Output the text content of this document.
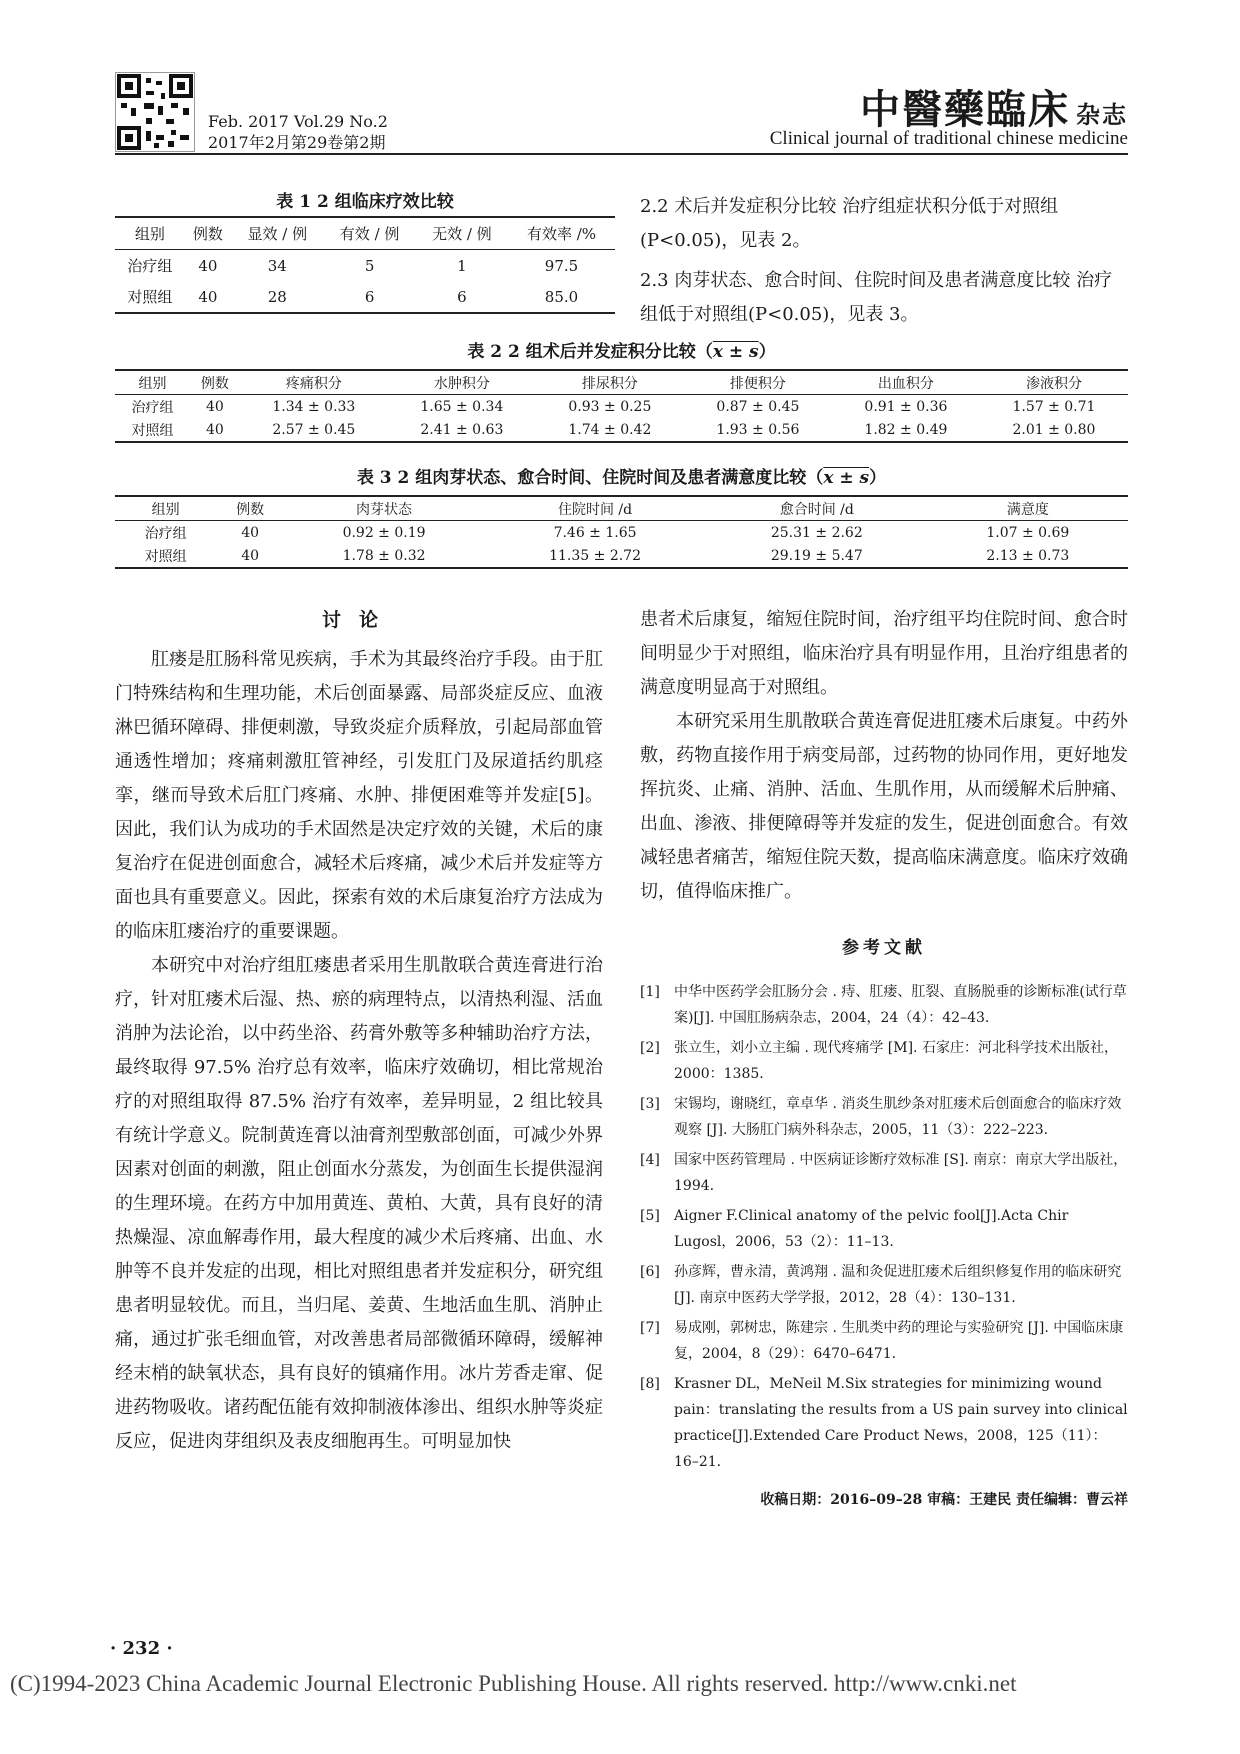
Feb. 2017 Vol.29 No.2
2017年2月第29卷第2期
中醫藥臨床 杂志
Clinical journal of traditional chinese medicine
表 1 2 组临床疗效比较
组别	例数	显效 / 例	有效 / 例	无效 / 例	有效率 /%
治疗组	40	34	5	1	97.5
对照组	40	28	6	6	85.0

2.2 术后并发症积分比较 治疗组症状积分低于对照组(P<0.05)，见表 2。

2.3 肉芽状态、愈合时间、住院时间及患者满意度比较 治疗组低于对照组(P<0.05)，见表 3。

表 2 2 组术后并发症积分比较（x ± s）
组别	例数	疼痛积分	水肿积分	排尿积分	排便积分	出血积分	渗液积分
治疗组	40	1.34 ± 0.33	1.65 ± 0.34	0.93 ± 0.25	0.87 ± 0.45	0.91 ± 0.36	1.57 ± 0.71
对照组	40	2.57 ± 0.45	2.41 ± 0.63	1.74 ± 0.42	1.93 ± 0.56	1.82 ± 0.49	2.01 ± 0.80
表 3 2 组肉芽状态、愈合时间、住院时间及患者满意度比较（x ± s）
组别	例数	肉芽状态	住院时间 /d	愈合时间 /d	满意度
治疗组	40	0.92 ± 0.19	7.46 ± 1.65	25.31 ± 2.62	1.07 ± 0.69
对照组	40	1.78 ± 0.32	11.35 ± 2.72	29.19 ± 5.47	2.13 ± 0.73
讨论

肛瘘是肛肠科常见疾病，手术为其最终治疗手段。由于肛门特殊结构和生理功能，术后创面暴露、局部炎症反应、血液淋巴循环障碍、排便刺激，导致炎症介质释放，引起局部血管通透性增加；疼痛刺激肛管神经，引发肛门及尿道括约肌痉挛，继而导致术后肛门疼痛、水肿、排便困难等并发症[5]。因此，我们认为成功的手术固然是决定疗效的关键，术后的康复治疗在促进创面愈合，减轻术后疼痛，减少术后并发症等方面也具有重要意义。因此，探索有效的术后康复治疗方法成为的临床肛瘘治疗的重要课题。

本研究中对治疗组肛瘘患者采用生肌散联合黄连膏进行治疗，针对肛瘘术后湿、热、瘀的病理特点，以清热利湿、活血消肿为法论治，以中药坐浴、药膏外敷等多种辅助治疗方法，最终取得 97.5% 治疗总有效率，临床疗效确切，相比常规治疗的对照组取得 87.5% 治疗有效率，差异明显，2 组比较具有统计学意义。院制黄连膏以油膏剂型敷部创面，可减少外界因素对创面的刺激，阻止创面水分蒸发，为创面生长提供湿润的生理环境。在药方中加用黄连、黄柏、大黄，具有良好的清热燥湿、凉血解毒作用，最大程度的减少术后疼痛、出血、水肿等不良并发症的出现，相比对照组患者并发症积分，研究组患者明显较优。而且，当归尾、姜黄、生地活血生肌、消肿止痛，通过扩张毛细血管，对改善患者局部微循环障碍，缓解神经末梢的缺氧状态，具有良好的镇痛作用。冰片芳香走窜、促进药物吸收。诸药配伍能有效抑制液体渗出、组织水肿等炎症反应，促进肉芽组织及表皮细胞再生。可明显加快

患者术后康复，缩短住院时间，治疗组平均住院时间、愈合时间明显少于对照组，临床治疗具有明显作用，且治疗组患者的满意度明显高于对照组。

本研究采用生肌散联合黄连膏促进肛瘘术后康复。中药外敷，药物直接作用于病变局部，过药物的协同作用，更好地发挥抗炎、止痛、消肿、活血、生肌作用，从而缓解术后肿痛、出血、渗液、排便障碍等并发症的发生，促进创面愈合。有效减轻患者痛苦，缩短住院天数，提高临床满意度。临床疗效确切，值得临床推广。

参考文献
[1]	中华中医药学会肛肠分会 . 痔、肛瘘、肛裂、直肠脱垂的诊断标准(试行草案)[J]. 中国肛肠病杂志，2004，24（4）：42–43.
[2]	张立生，刘小立主编 . 现代疼痛学 [M]. 石家庄：河北科学技术出版社，2000：1385.
[3]	宋锡均，谢晓红，章卓华 . 消炎生肌纱条对肛瘘术后创面愈合的临床疗效观察 [J]. 大肠肛门病外科杂志，2005，11（3）：222–223.
[4]	国家中医药管理局 . 中医病证诊断疗效标准 [S]. 南京：南京大学出版社，1994.
[5]	Aigner F.Clinical anatomy of the pelvic fool[J].Acta Chir Lugosl，2006，53（2）：11–13.
[6]	孙彦辉，曹永清，黄鸿翔 . 温和灸促进肛瘘术后组织修复作用的临床研究 [J]. 南京中医药大学学报，2012，28（4）：130–131.
[7]	易成刚，郭树忠，陈建宗 . 生肌类中药的理论与实验研究 [J]. 中国临床康复，2004，8（29）：6470–6471.
[8]	Krasner DL，MeNeil M.Six strategies for minimizing wound pain：translating the results from a US pain survey into clinical practice[J].Extended Care Product News，2008，125（11）：16–21.
收稿日期：2016–09–28 审稿：王建民 责任编辑：曹云祥
· 232 ·
(C)1994-2023 China Academic Journal Electronic Publishing House. All rights reserved. http://www.cnki.net
